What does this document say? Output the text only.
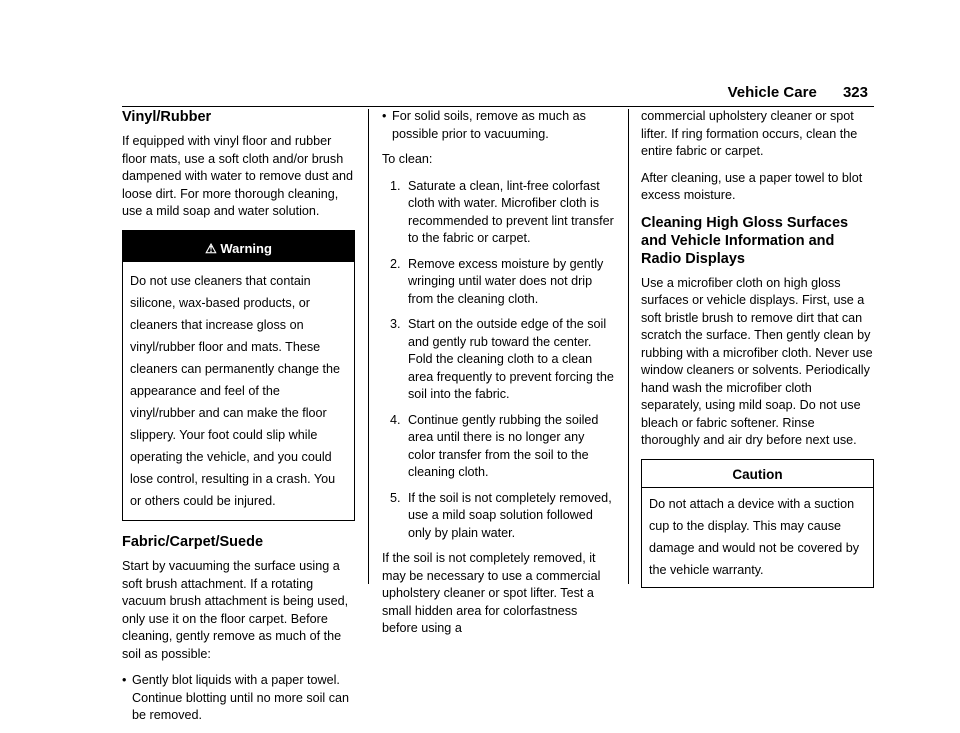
Vehicle Care 323
Vinyl/Rubber

If equipped with vinyl floor and rubber floor mats, use a soft cloth and/or brush dampened with water to remove dust and loose dirt. For more thorough cleaning, use a mild soap and water solution.

⚠ Warning
Do not use cleaners that contain silicone, wax-based products, or cleaners that increase gloss on vinyl/rubber floor and mats. These cleaners can permanently change the appearance and feel of the vinyl/rubber and can make the floor slippery. Your foot could slip while operating the vehicle, and you could lose control, resulting in a crash. You or others could be injured.
Fabric/Carpet/Suede

Start by vacuuming the surface using a soft brush attachment. If a rotating vacuum brush attachment is being used, only use it on the floor carpet. Before cleaning, gently remove as much of the soil as possible:

• Gently blot liquids with a paper towel. Continue blotting until no more soil can be removed.
• For solid soils, remove as much as possible prior to vacuuming.

To clean:

1. Saturate a clean, lint-free colorfast cloth with water. Microfiber cloth is recommended to prevent lint transfer to the fabric or carpet.
2. Remove excess moisture by gently wringing until water does not drip from the cleaning cloth.
3. Start on the outside edge of the soil and gently rub toward the center. Fold the cleaning cloth to a clean area frequently to prevent forcing the soil into the fabric.
4. Continue gently rubbing the soiled area until there is no longer any color transfer from the soil to the cleaning cloth.
5. If the soil is not completely removed, use a mild soap solution followed only by plain water.

If the soil is not completely removed, it may be necessary to use a commercial upholstery cleaner or spot lifter. Test a small hidden area for colorfastness before using a

commercial upholstery cleaner or spot lifter. If ring formation occurs, clean the entire fabric or carpet.

After cleaning, use a paper towel to blot excess moisture.

Cleaning High Gloss Surfaces and Vehicle Information and Radio Displays

Use a microfiber cloth on high gloss surfaces or vehicle displays. First, use a soft bristle brush to remove dirt that can scratch the surface. Then gently clean by rubbing with a microfiber cloth. Never use window cleaners or solvents. Periodically hand wash the microfiber cloth separately, using mild soap. Do not use bleach or fabric softener. Rinse thoroughly and air dry before next use.

Caution
Do not attach a device with a suction cup to the display. This may cause damage and would not be covered by the vehicle warranty.
